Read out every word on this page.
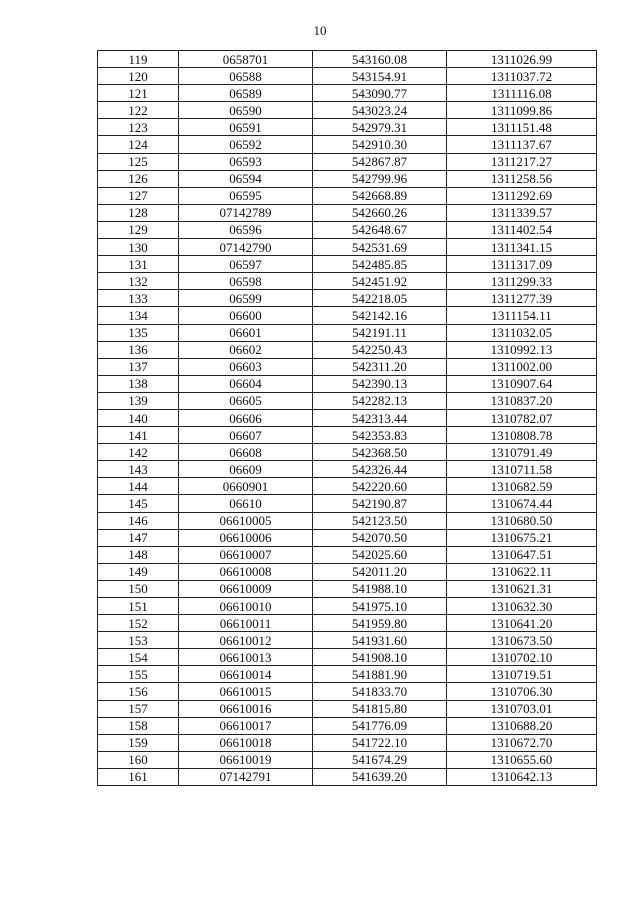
10
119	0658701	543160.08	1311026.99
120	06588	543154.91	1311037.72
121	06589	543090.77	1311116.08
122	06590	543023.24	1311099.86
123	06591	542979.31	1311151.48
124	06592	542910.30	1311137.67
125	06593	542867.87	1311217.27
126	06594	542799.96	1311258.56
127	06595	542668.89	1311292.69
128	07142789	542660.26	1311339.57
129	06596	542648.67	1311402.54
130	07142790	542531.69	1311341.15
131	06597	542485.85	1311317.09
132	06598	542451.92	1311299.33
133	06599	542218.05	1311277.39
134	06600	542142.16	1311154.11
135	06601	542191.11	1311032.05
136	06602	542250.43	1310992.13
137	06603	542311.20	1311002.00
138	06604	542390.13	1310907.64
139	06605	542282.13	1310837.20
140	06606	542313.44	1310782.07
141	06607	542353.83	1310808.78
142	06608	542368.50	1310791.49
143	06609	542326.44	1310711.58
144	0660901	542220.60	1310682.59
145	06610	542190.87	1310674.44
146	06610005	542123.50	1310680.50
147	06610006	542070.50	1310675.21
148	06610007	542025.60	1310647.51
149	06610008	542011.20	1310622.11
150	06610009	541988.10	1310621.31
151	06610010	541975.10	1310632.30
152	06610011	541959.80	1310641.20
153	06610012	541931.60	1310673.50
154	06610013	541908.10	1310702.10
155	06610014	541881.90	1310719.51
156	06610015	541833.70	1310706.30
157	06610016	541815.80	1310703.01
158	06610017	541776.09	1310688.20
159	06610018	541722.10	1310672.70
160	06610019	541674.29	1310655.60
161	07142791	541639.20	1310642.13
